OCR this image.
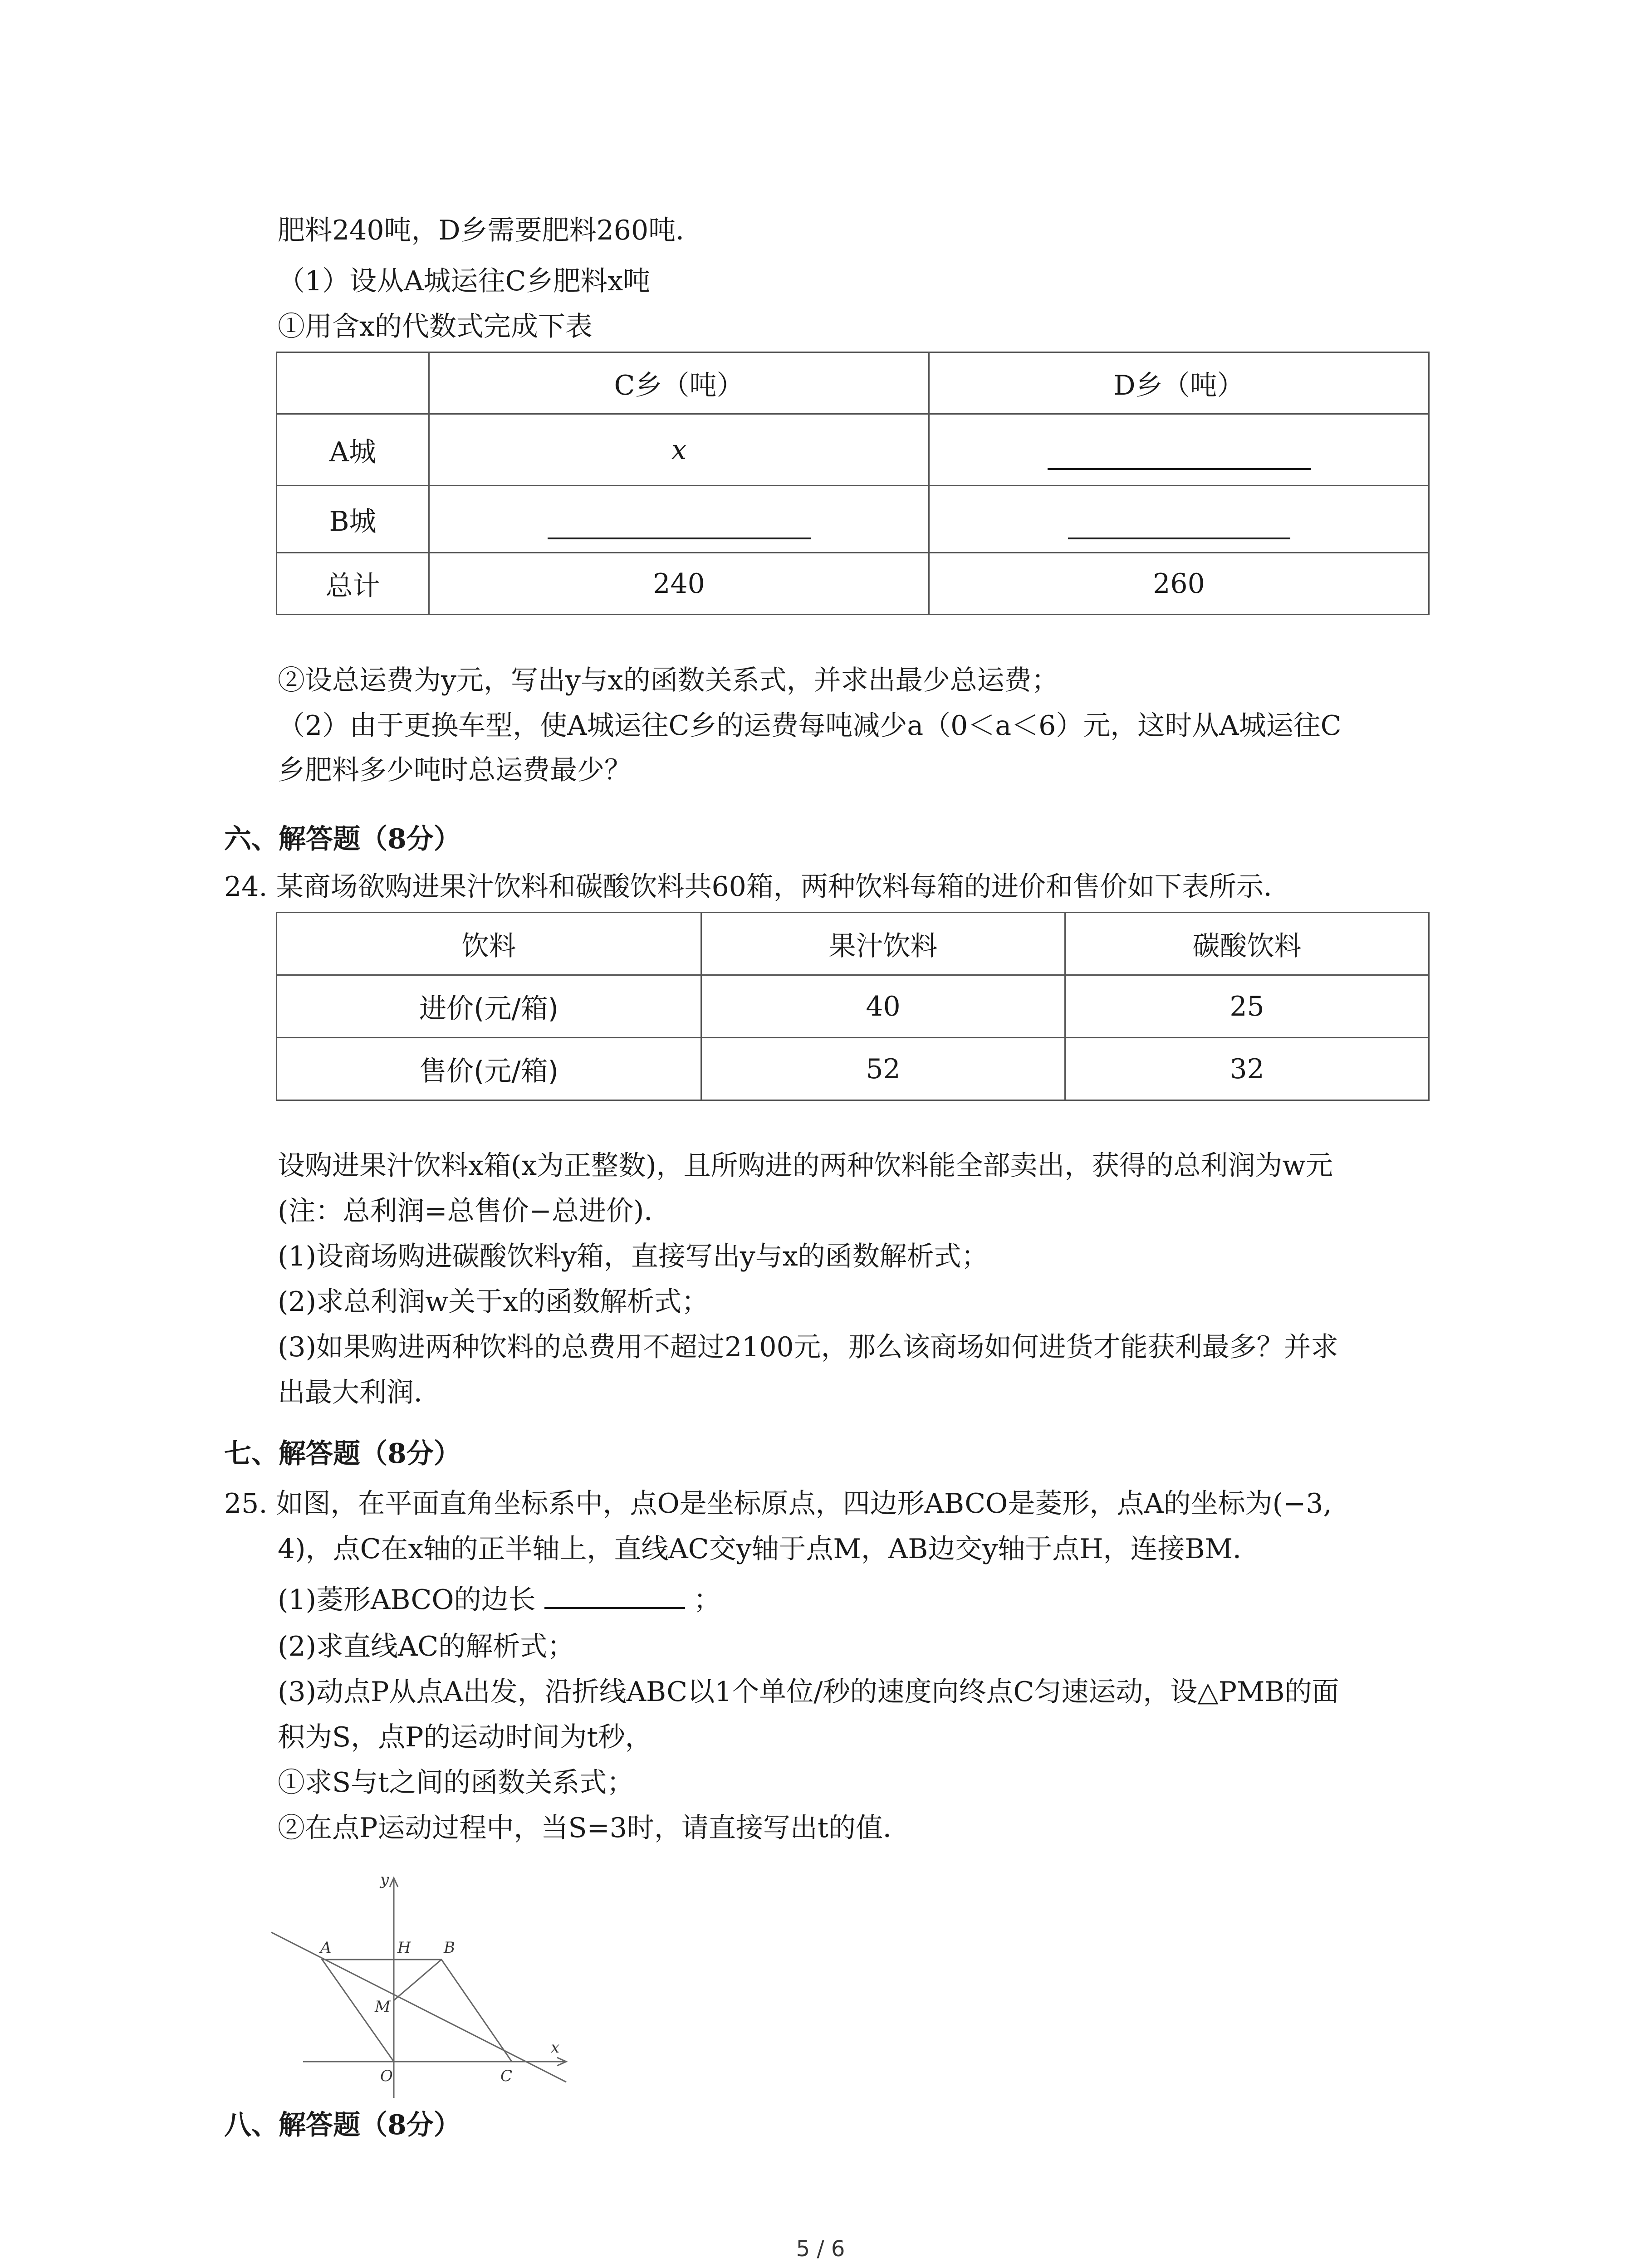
肥料240吨，D乡需要肥料260吨．
（1）设从A城运往C乡肥料x吨
①用含x的代数式完成下表
	C乡（吨）	D乡（吨）
A城	x	
B城		
总计	240	260
②设总运费为y元，写出y与x的函数关系式，并求出最少总运费；
（2）由于更换车型，使A城运往C乡的运费每吨减少a（0＜a＜6）元，这时从A城运往C
乡肥料多少吨时总运费最少？
六、解答题（8分）
24. 某商场欲购进果汁饮料和碳酸饮料共60箱，两种饮料每箱的进价和售价如下表所示．
饮料	果汁饮料	碳酸饮料
进价(元/箱)	40	25
售价(元/箱)	52	32
设购进果汁饮料x箱(x为正整数)，且所购进的两种饮料能全部卖出，获得的总利润为w元
(注：总利润=总售价−总进价)．
(1)设商场购进碳酸饮料y箱，直接写出y与x的函数解析式；
(2)求总利润w关于x的函数解析式；
(3)如果购进两种饮料的总费用不超过2100元，那么该商场如何进货才能获利最多？并求
出最大利润．
七、解答题（8分）
25. 如图，在平面直角坐标系中，点O是坐标原点，四边形ABCO是菱形，点A的坐标为(−3,
4)，点C在x轴的正半轴上，直线AC交y轴于点M，AB边交y轴于点H，连接BM．
(1)菱形ABCO的边长	；
(2)求直线AC的解析式；
(3)动点P从点A出发，沿折线ABC以1个单位/秒的速度向终点C匀速运动，设△PMB的面
积为S，点P的运动时间为t秒，
①求S与t之间的函数关系式；
②在点P运动过程中，当S=3时，请直接写出t的值．
y
x
A	H B
M
O	C
八、解答题（8分）
5 / 6
